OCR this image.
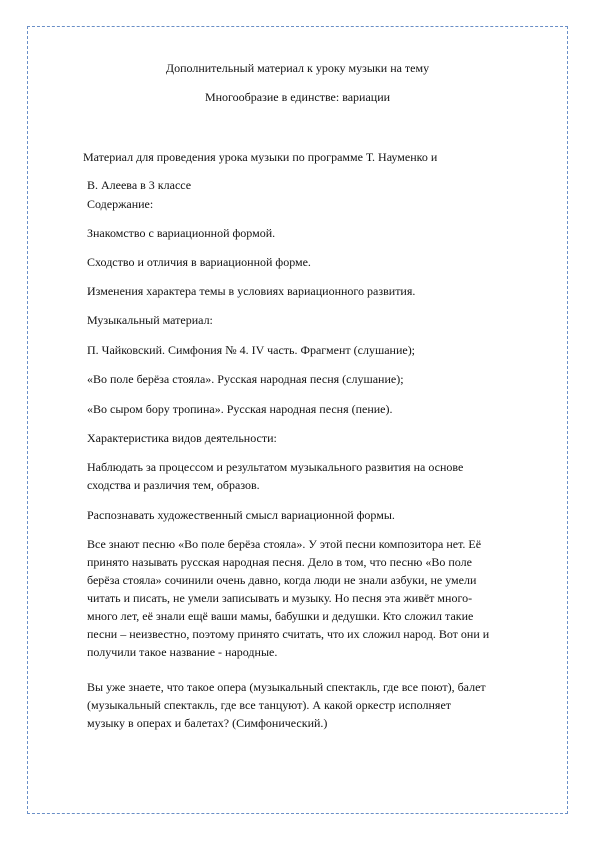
Дополнительный материал к уроку музыки на тему
Многообразие в единстве: вариации
Материал для проведения урока музыки по программе Т. Науменко и
В. Алеева в 3 классе
Содержание:
Знакомство с вариационной формой.
Сходство и отличия в вариационной форме.
Изменения характера темы в условиях вариационного развития.
Музыкальный материал:
П. Чайковский. Симфония № 4. IV часть. Фрагмент (слушание);
«Во поле берёза стояла». Русская народная песня (слушание);
«Во сыром бору тропина». Русская народная песня (пение).
Характеристика видов деятельности:
Наблюдать за процессом и результатом музыкального развития на основе
сходства и различия тем, образов.
Распознавать художественный смысл вариационной формы.
Все знают песню «Во поле берёза стояла». У этой песни композитора нет. Её
принято называть русская народная песня. Дело в том, что песню «Во поле
берёза стояла» сочинили очень давно, когда люди не знали азбуки, не умели
читать и писать, не умели записывать и музыку. Но песня эта живёт много-
много лет, её знали ещё ваши мамы, бабушки и дедушки. Кто сложил такие
песни – неизвестно, поэтому принято считать, что их сложил народ. Вот они и
получили такое название - народные.
Вы уже знаете, что такое опера (музыкальный спектакль, где все поют), балет
(музыкальный спектакль, где все танцуют). А какой оркестр исполняет
музыку в операх и балетах? (Симфонический.)
